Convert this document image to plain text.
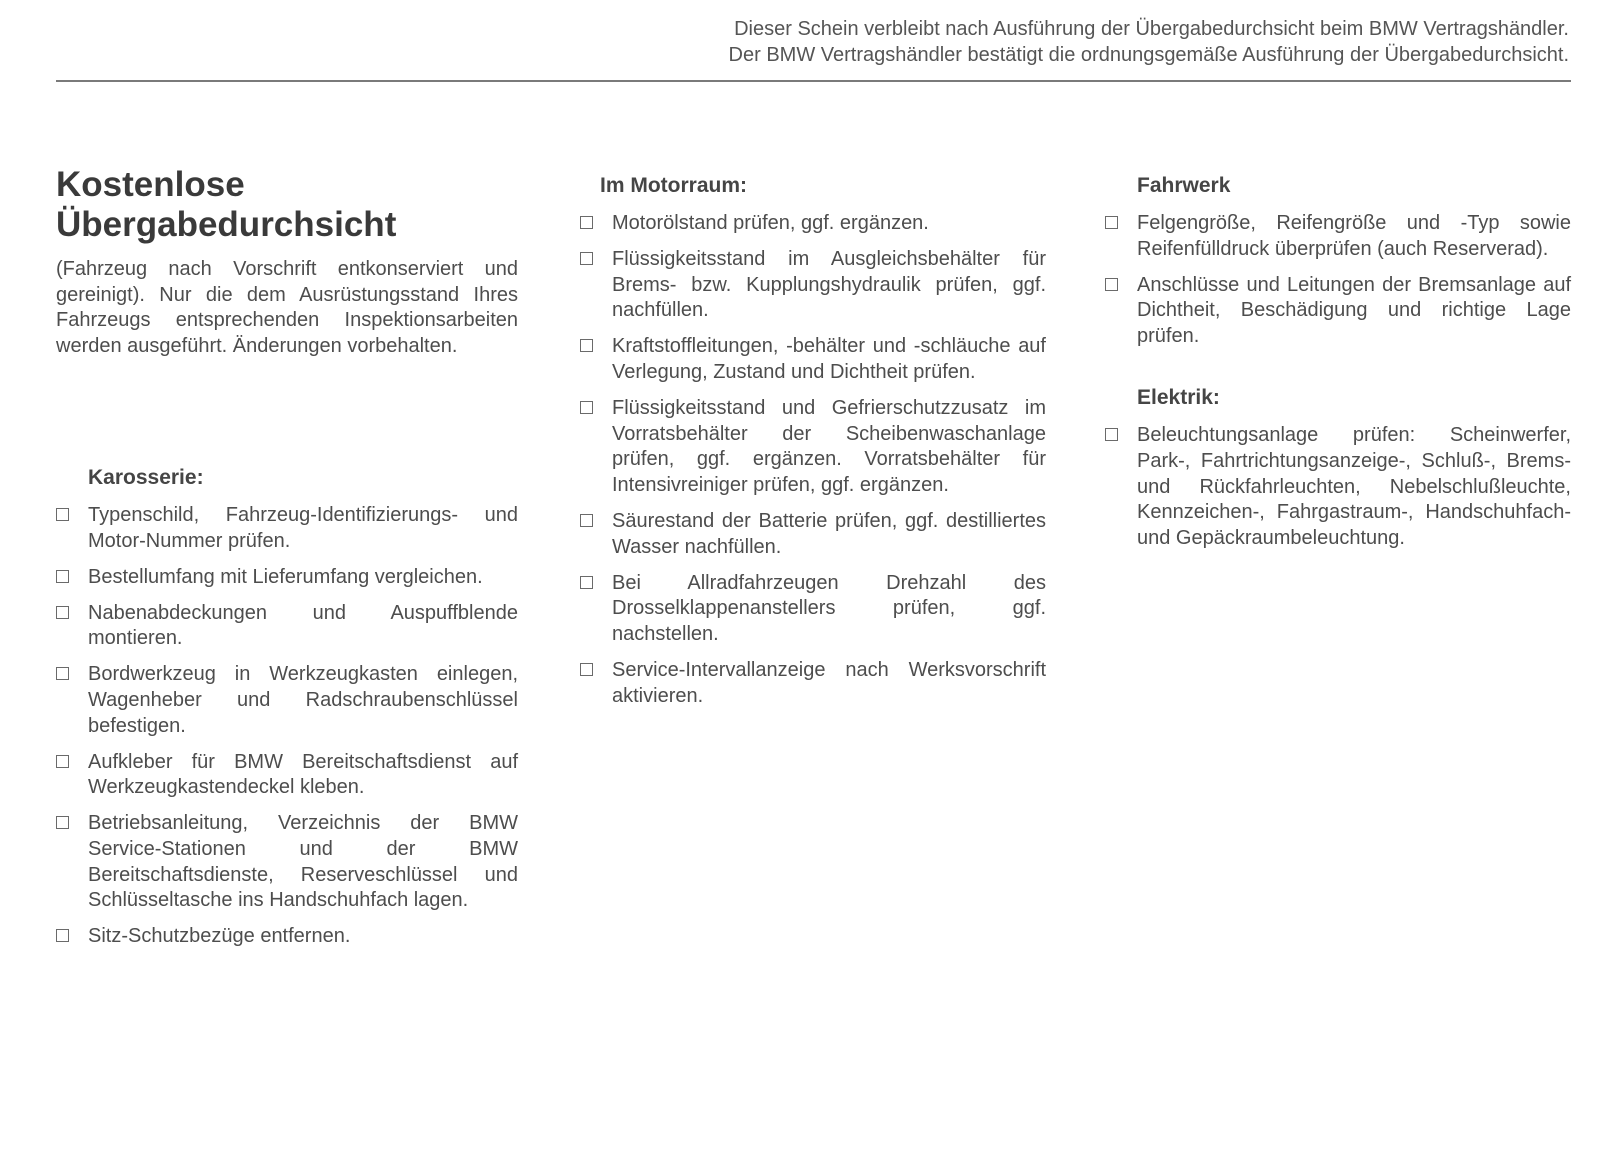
Dieser Schein verbleibt nach Ausführung der Übergabedurchsicht beim BMW Vertragshändler.
Der BMW Vertragshändler bestätigt die ordnungsgemäße Ausführung der Übergabedurchsicht.
Kostenlose
Übergabedurchsicht
(Fahrzeug nach Vorschrift entkonserviert und gereinigt). Nur die dem Ausrüstungsstand Ihres Fahrzeugs entsprechenden Inspektionsarbeiten werden ausgeführt. Änderungen vorbehalten.
Karosserie:
Typenschild, Fahrzeug-Identifizierungs- und Motor-Nummer prüfen.
Bestellumfang mit Lieferumfang vergleichen.
Nabenabdeckungen und Auspuffblende montieren.
Bordwerkzeug in Werkzeugkasten einlegen, Wagenheber und Radschraubenschlüssel befestigen.
Aufkleber für BMW Bereitschaftsdienst auf Werkzeugkastendeckel kleben.
Betriebsanleitung, Verzeichnis der BMW Service-Stationen und der BMW Bereitschaftsdienste, Reserveschlüssel und Schlüsseltasche ins Handschuhfach lagen.
Sitz-Schutzbezüge entfernen.
Im Motorraum:
Motorölstand prüfen, ggf. ergänzen.
Flüssigkeitsstand im Ausgleichsbehälter für Brems- bzw. Kupplungshydraulik prüfen, ggf. nachfüllen.
Kraftstoffleitungen, -behälter und -schläuche auf Verlegung, Zustand und Dichtheit prüfen.
Flüssigkeitsstand und Gefrierschutzzusatz im Vorratsbehälter der Scheibenwaschanlage prüfen, ggf. ergänzen. Vorratsbehälter für Intensivreiniger prüfen, ggf. ergänzen.
Säurestand der Batterie prüfen, ggf. destilliertes Wasser nachfüllen.
Bei Allradfahrzeugen Drehzahl des Drosselklappenanstellers prüfen, ggf. nachstellen.
Service-Intervallanzeige nach Werksvorschrift aktivieren.
Fahrwerk
Felgengröße, Reifengröße und -Typ sowie Reifenfülldruck überprüfen (auch Reserverad).
Anschlüsse und Leitungen der Bremsanlage auf Dichtheit, Beschädigung und richtige Lage prüfen.
Elektrik:
Beleuchtungsanlage prüfen: Scheinwerfer, Park-, Fahrtrichtungsanzeige-, Schluß-, Brems- und Rückfahrleuchten, Nebelschlußleuchte, Kennzeichen-, Fahrgastraum-, Handschuhfach- und Gepäckraumbeleuchtung.
